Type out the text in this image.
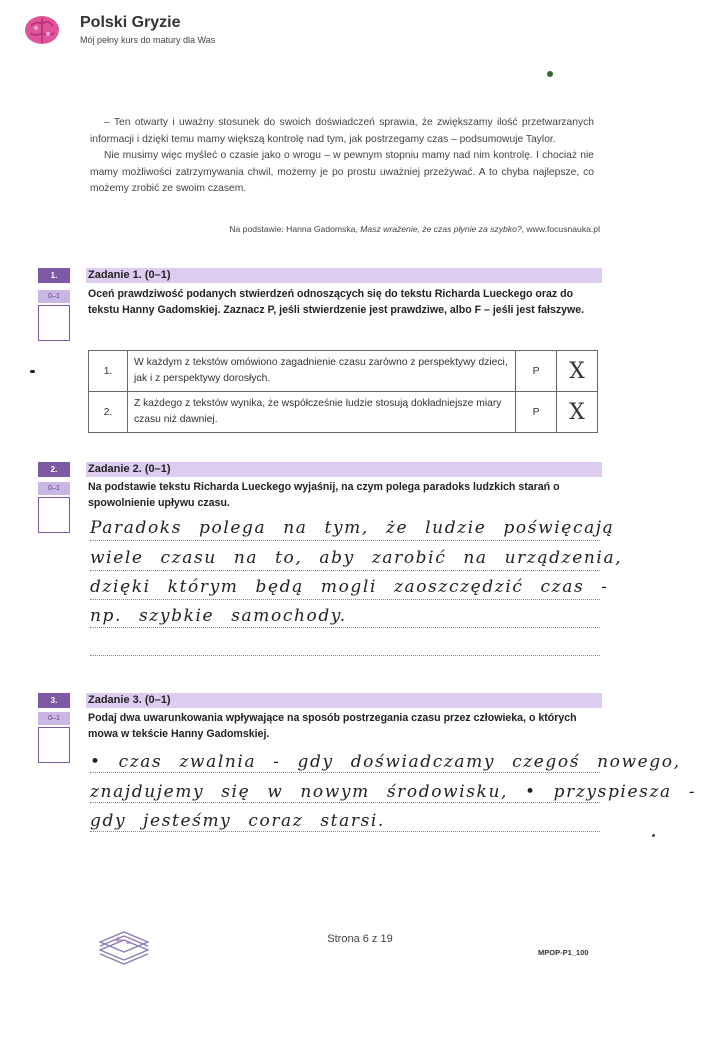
Polski Gryzie
Mój pełny kurs do matury dla Was

– Ten otwarty i uważny stosunek do swoich doświadczeń sprawia, że zwiększamy ilość przetwarzanych informacji i dzięki temu mamy większą kontrolę nad tym, jak postrzegamy czas – podsumowuje Taylor.

Nie musimy więc myśleć o czasie jako o wrogu – w pewnym stopniu mamy nad nim kontrolę. I chociaż nie mamy możliwości zatrzymywania chwil, możemy je po prostu uważniej przeżywać. A to chyba najlepsze, co możemy zrobić ze swoim czasem.

Na podstawie: Hanna Gadomska, Masz wrażenie, że czas płynie za szybko?, www.focusnauka.pl
1.
0–1
Zadanie 1. (0–1)
Oceń prawdziwość podanych stwierdzeń odnoszących się do tekstu Richarda Lueckego oraz do tekstu Hanny Gadomskiej. Zaznacz P, jeśli stwierdzenie jest prawdziwe, albo F – jeśli jest fałszywe.
1.	W każdym z tekstów omówiono zagadnienie czasu zarówno z perspektywy dzieci, jak i z perspektywy dorosłych.	P	X
2.	Z każdego z tekstów wynika, że współcześnie ludzie stosują dokładniejsze miary czasu niż dawniej.	P	X
2.
0–1
Zadanie 2. (0–1)
Na podstawie tekstu Richarda Lueckego wyjaśnij, na czym polega paradoks ludzkich starań o spowolnienie upływu czasu.
Paradoks polega na tym, że ludzie poświęcają
wiele czasu na to, aby zarobić na urządzenia,
dzięki którym będą mogli zaoszczędzić czas -
np. szybkie samochody.
3.
0–1
Zadanie 3. (0–1)
Podaj dwa uwarunkowania wpływające na sposób postrzegania czasu przez człowieka, o których mowa w tekście Hanny Gadomskiej.
• czas zwalnia - gdy doświadczamy czegoś nowego,
znajdujemy się w nowym środowisku, • przyspiesza -
gdy jesteśmy coraz starsi.
Strona 6 z 19
MPOP-P1_100
